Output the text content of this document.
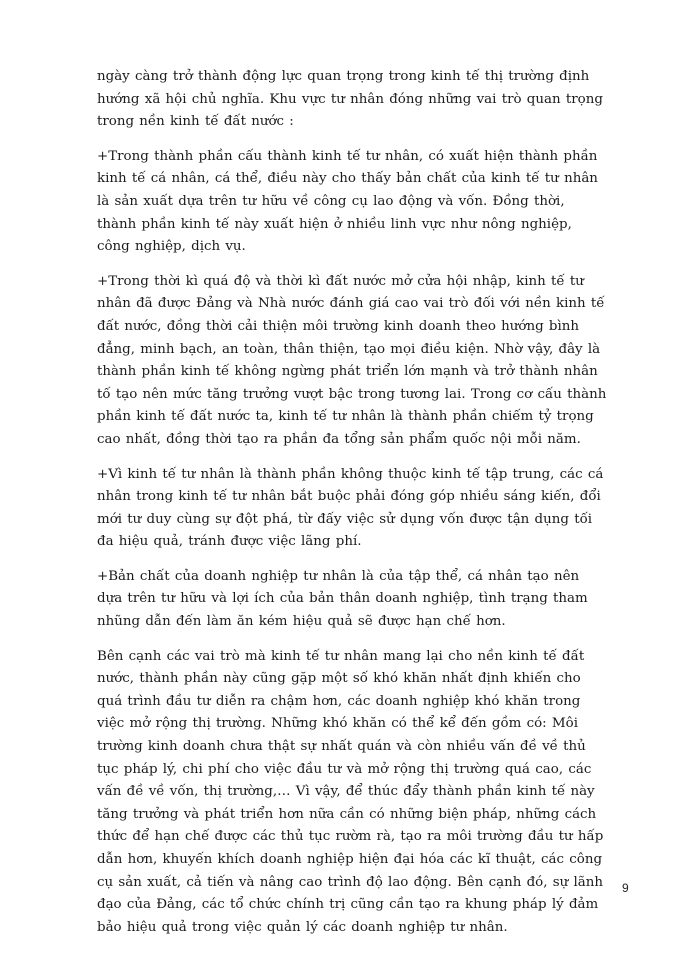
ngày càng trở thành động lực quan trọng trong kinh tế thị trường định hướng xã hội chủ nghĩa. Khu vực tư nhân đóng những vai trò quan trọng trong nền kinh tế đất nước :

+Trong thành phần cấu thành kinh tế tư nhân, có xuất hiện thành phần kinh tế cá nhân, cá thể, điều này cho thấy bản chất của kinh tế tư nhân là sản xuất dựa trên tư hữu về công cụ lao động và vốn. Đồng thời, thành phần kinh tế này xuất hiện ở nhiều linh vực như nông nghiệp, công nghiệp, dịch vụ.

+Trong thời kì quá độ và thời kì đất nước mở cửa hội nhập, kinh tế tư nhân đã được Đảng và Nhà nước đánh giá cao vai trò đối với nền kinh tế đất nước, đồng thời cải thiện môi trường kinh doanh theo hướng bình đẳng, minh bạch, an toàn, thân thiện, tạo mọi điều kiện. Nhờ vậy, đây là thành phần kinh tế không ngừng phát triển lớn mạnh và trở thành nhân tố tạo nên mức tăng trưởng vượt bậc trong tương lai. Trong cơ cấu thành phần kinh tế đất nước ta, kinh tế tư nhân là thành phần chiếm tỷ trọng cao nhất, đồng thời tạo ra phần đa tổng sản phẩm quốc nội mỗi năm.

+Vì kinh tế tư nhân là thành phần không thuộc kinh tế tập trung, các cá nhân trong kinh tế tư nhân bắt buộc phải đóng góp nhiều sáng kiến, đổi mới tư duy cùng sự đột phá, từ đấy việc sử dụng vốn được tận dụng tối đa hiệu quả, tránh được việc lãng phí.

+Bản chất của doanh nghiệp tư nhân là của tập thể, cá nhân tạo nên dựa trên tư hữu và lợi ích của bản thân doanh nghiệp, tình trạng tham nhũng dẫn đến làm ăn kém hiệu quả sẽ được hạn chế hơn.

Bên cạnh các vai trò mà kinh tế tư nhân mang lại cho nền kinh tế đất nước, thành phần này cũng gặp một số khó khăn nhất định khiến cho quá trình đầu tư diễn ra chậm hơn, các doanh nghiệp khó khăn trong việc mở rộng thị trường. Những khó khăn có thể kể đến gồm có: Môi trường kinh doanh chưa thật sự nhất quán và còn nhiều vấn đề về thủ tục pháp lý, chi phí cho việc đầu tư và mở rộng thị trường quá cao, các vấn đề về vốn, thị trường,… Vì vậy, để thúc đẩy thành phần kinh tế này tăng trưởng và phát triển hơn nữa cần có những biện pháp, những cách thức để hạn chế được các thủ tục rườm rà, tạo ra môi trường đầu tư hấp dẫn hơn, khuyến khích doanh nghiệp hiện đại hóa các kĩ thuật, các công cụ sản xuất, cả tiến và nâng cao trình độ lao động. Bên cạnh đó, sự lãnh đạo của Đảng, các tổ chức chính trị cũng cần tạo ra khung pháp lý đảm bảo hiệu quả trong việc quản lý các doanh nghiệp tư nhân.

9
